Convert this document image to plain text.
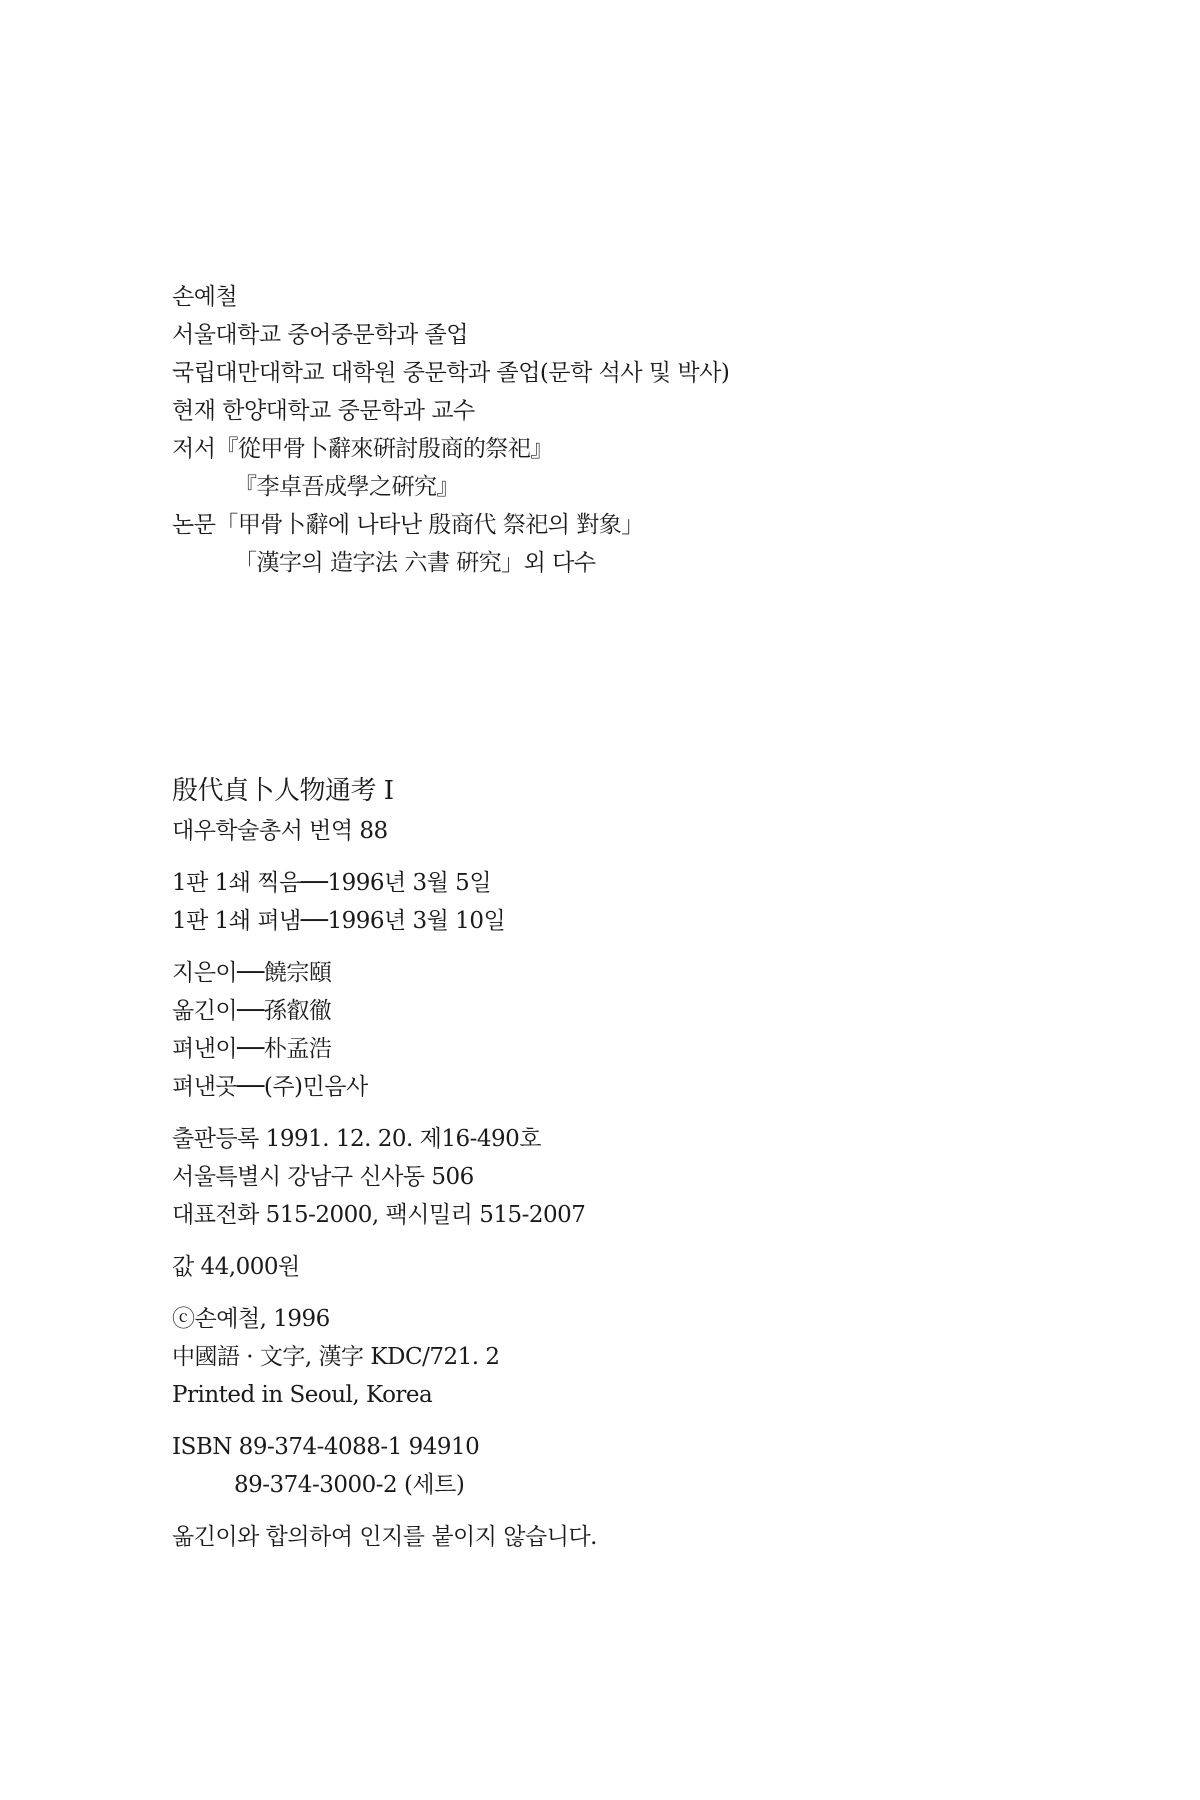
손예철
서울대학교 중어중문학과 졸업
국립대만대학교 대학원 중문학과 졸업(문학 석사 및 박사)
현재 한양대학교 중문학과 교수
저서『從甲骨卜辭來硏討殷商的祭祀』
『李卓吾成學之硏究』
논문「甲骨卜辭에 나타난 殷商代 祭祀의 對象」
「漢字의 造字法 六書 硏究」외 다수
殷代貞卜人物通考 I
대우학술총서 번역 88
1판 1쇄 찍음──1996년 3월 5일
1판 1쇄 펴냄──1996년 3월 10일
지은이──饒宗頤
옮긴이──孫叡徹
펴낸이──朴孟浩
펴낸곳──(주)민음사
출판등록 1991. 12. 20. 제16-490호
서울특별시 강남구 신사동 506
대표전화 515-2000, 팩시밀리 515-2007
값 44,000원
ⓒ손예철, 1996
中國語 · 文字, 漢字 KDC/721. 2
Printed in Seoul, Korea
ISBN 89-374-4088-1 94910
89-374-3000-2 (세트)
옮긴이와 합의하여 인지를 붙이지 않습니다.
